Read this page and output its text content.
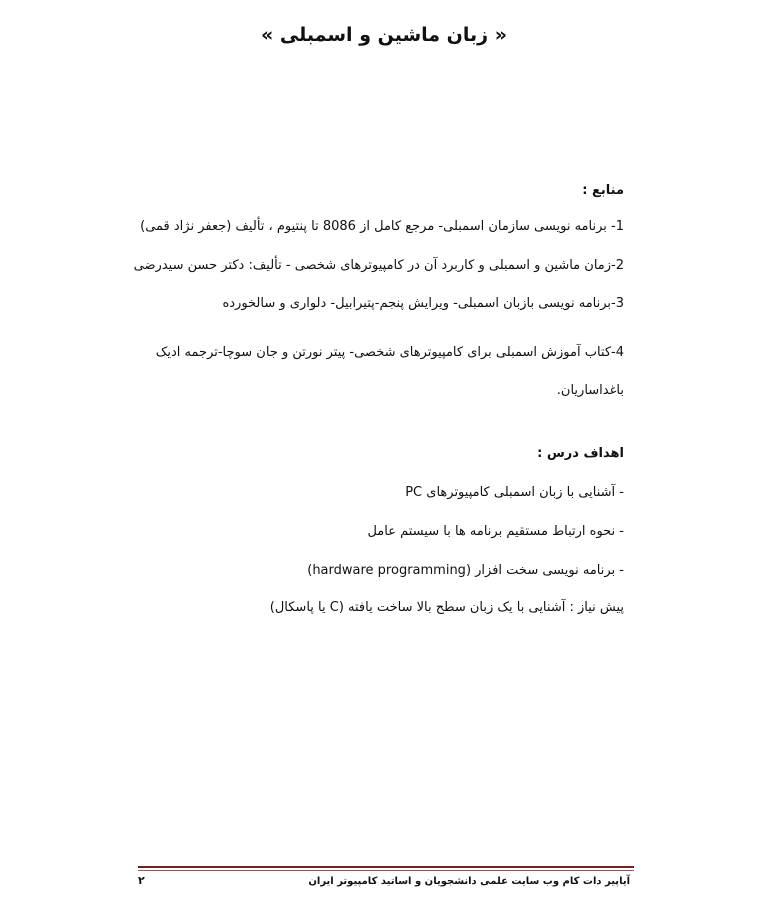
« زبان ماشین و اسمبلی »
منابع :
1- برنامه نویسی سازمان اسمبلی- مرجع کامل از 8086 تا پنتیوم ، تألیف (جعفر نژاد قمی)
2-زمان ماشین و اسمبلی و کاربرد آن در کامپیوترهای شخصی - تألیف: دکتر حسن سیدرضی
3-برنامه نویسی بازبان اسمبلی- ویرایش پنجم-پتیرابیل- دلواری و سالخورده
4-کتاب آموزش اسمبلی برای کامپیوترهای شخصی- پیتر نورتن و جان سوچا-ترجمه ادیک باغداساریان.
اهداف درس :
- آشنایی با زبان اسمبلی کامپیوترهای PC
- نحوه ارتباط مستقیم برنامه ها با سیستم عامل
- برنامه نویسی سخت افزار (hardware programming)
پیش نیاز : آشنایی با یک زبان سطح بالا ساخت یافته (C یا پاسکال)
آیاپیر دات کام وب سایت علمی دانشجویان و اساتید کامپیوتر ایران
۲
